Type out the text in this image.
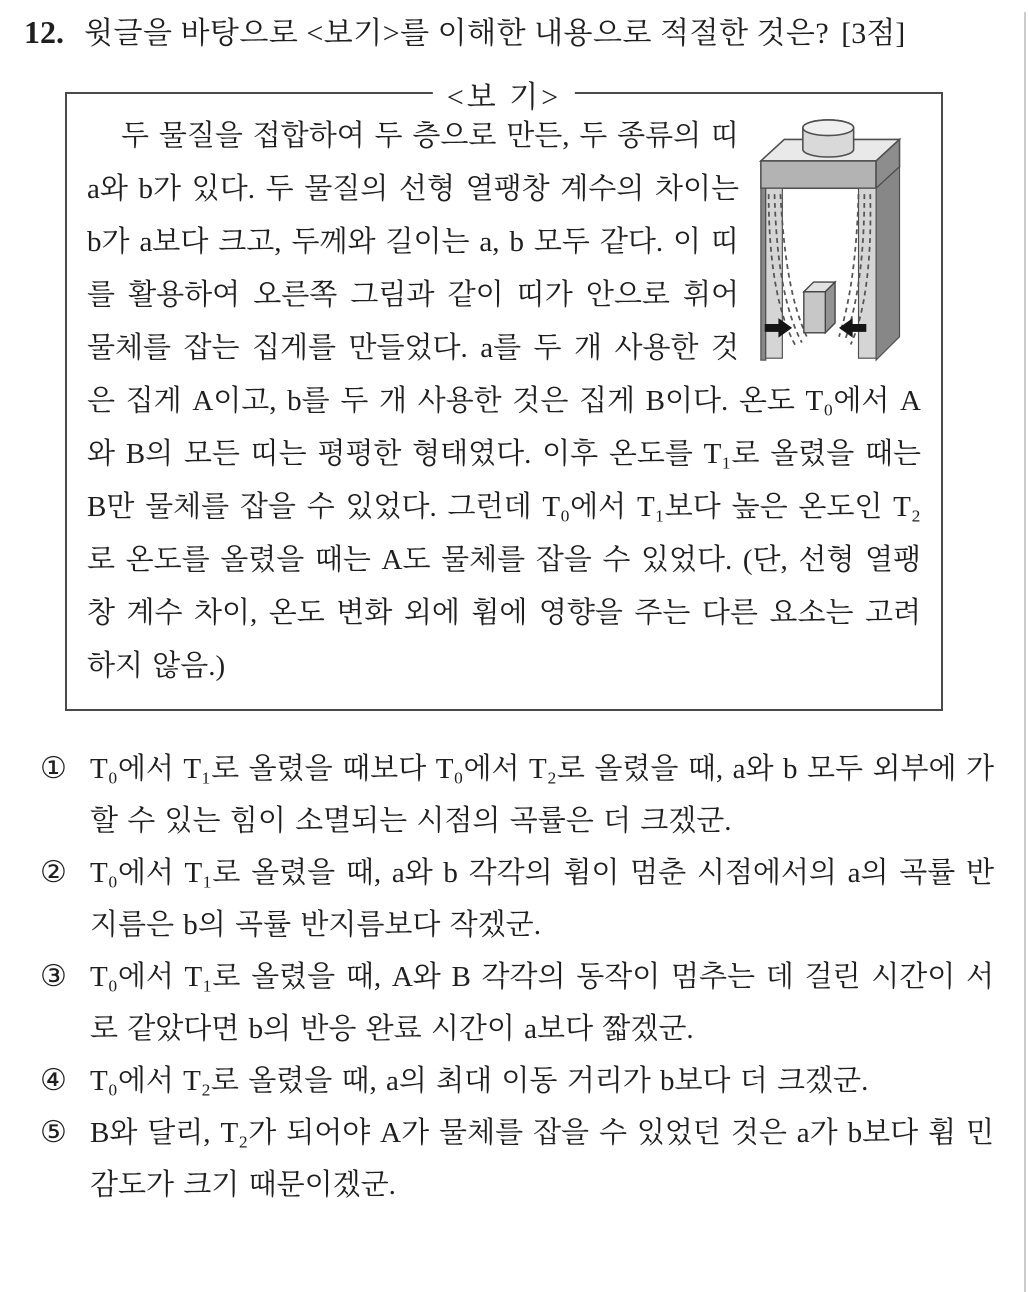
12. 윗글을 바탕으로 <보기>를 이해한 내용으로 적절한 것은? [3점]
<보 기>

두 물질을 접합하여 두 층으로 만든, 두 종류의 띠 a와 b가 있다. 두 물질의 선형 열팽창 계수의 차이는 b가 a보다 크고, 두께와 길이는 a, b 모두 같다. 이 띠를 활용하여 오른쪽 그림과 같이 띠가 안으로 휘어 물체를 잡는 집게를 만들었다. a를 두 개 사용한 것은 집게 A이고, b를 두 개 사용한 것은 집게 B이다. 온도 T₀에서 A와 B의 모든 띠는 평평한 형태였다. 이후 온도를 T₁로 올렸을 때는 B만 물체를 잡을 수 있었다. 그런데 T₀에서 T₁보다 높은 온도인 T₂로 온도를 올렸을 때는 A도 물체를 잡을 수 있었다. (단, 선형 열팽창 계수 차이, 온도 변화 외에 휨에 영향을 주는 다른 요소는 고려하지 않음.)

① T₀에서 T₁로 올렸을 때보다 T₀에서 T₂로 올렸을 때, a와 b 모두 외부에 가할 수 있는 힘이 소멸되는 시점의 곡률은 더 크겠군.
② T₀에서 T₁로 올렸을 때, a와 b 각각의 휨이 멈춘 시점에서의 a의 곡률 반지름은 b의 곡률 반지름보다 작겠군.
③ T₀에서 T₁로 올렸을 때, A와 B 각각의 동작이 멈추는 데 걸린 시간이 서로 같았다면 b의 반응 완료 시간이 a보다 짧겠군.
④ T₀에서 T₂로 올렸을 때, a의 최대 이동 거리가 b보다 더 크겠군.
⑤ B와 달리, T₂가 되어야 A가 물체를 잡을 수 있었던 것은 a가 b보다 휨 민감도가 크기 때문이겠군.
